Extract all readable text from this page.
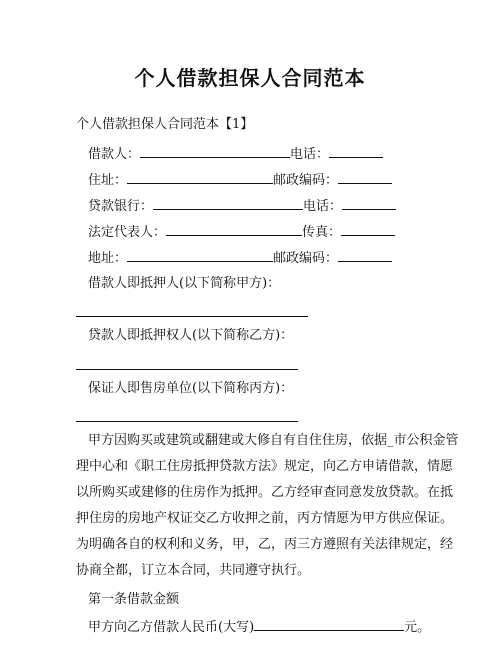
个人借款担保人合同范本
个人借款担保人合同范本【1】
借款人：	电话：
住址：	邮政编码：
贷款银行：	电话：
法定代表人：	传真：
地址：	邮政编码：
借款人即抵押人(以下简称甲方)：
贷款人即抵押权人(以下简称乙方)：
保证人即售房单位(以下简称丙方)：
甲方因购买或建筑或翻建或大修自有自住住房，依据_市公积金管
理中心和《职工住房抵押贷款方法》规定，向乙方申请借款，情愿
以所购买或建修的住房作为抵押。乙方经审查同意发放贷款。在抵
押住房的房地产权证交乙方收押之前，丙方情愿为甲方供应保证。
为明确各自的权利和义务，甲，乙，丙三方遵照有关法律规定，经
协商全都，订立本合同，共同遵守执行。
第一条借款金额
甲方向乙方借款人民币(大写)	元。
